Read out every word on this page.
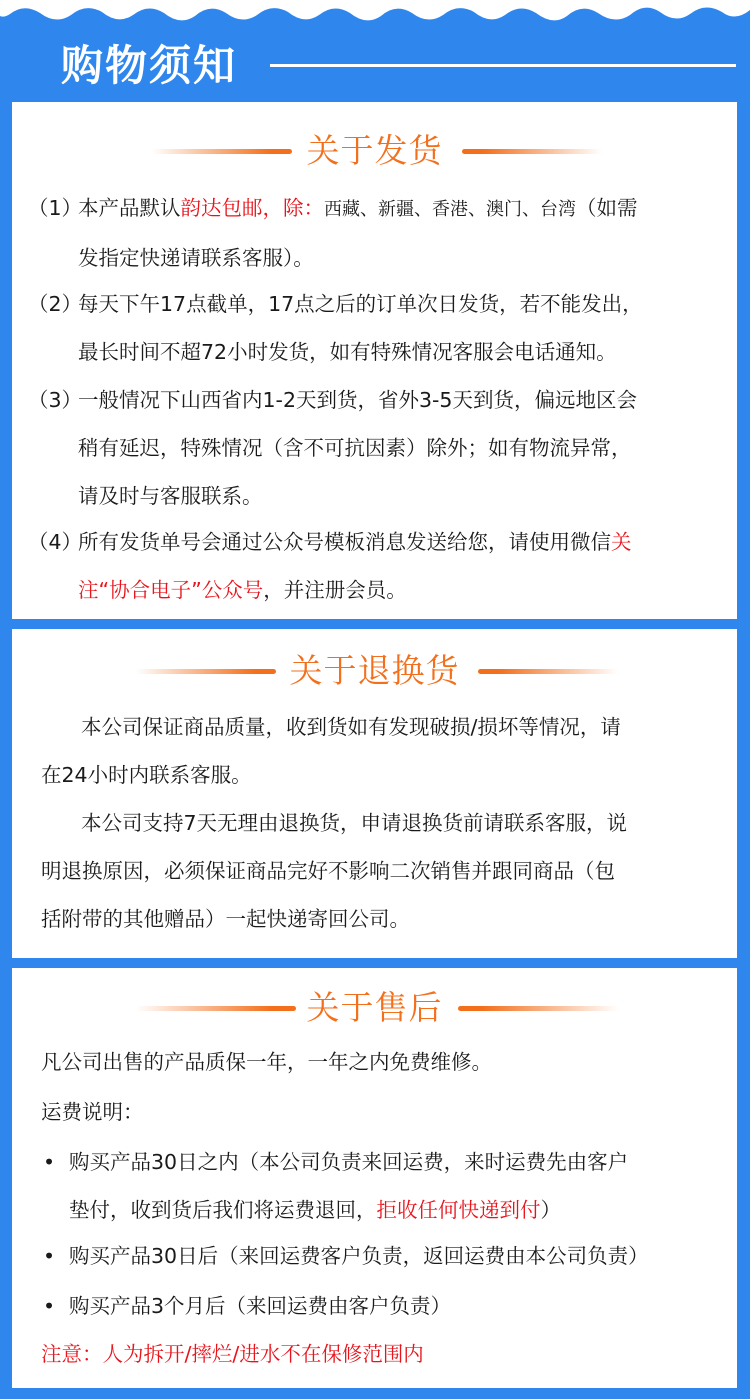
购物须知
关于发货
（1）
本产品默认韵达包邮，除：西藏、新疆、香港、澳门、台湾（如需
发指定快递请联系客服）。
（2）
每天下午17点截单，17点之后的订单次日发货，若不能发出，
最长时间不超72小时发货，如有特殊情况客服会电话通知。
（3）
一般情况下山西省内1-2天到货，省外3-5天到货，偏远地区会
稍有延迟，特殊情况（含不可抗因素）除外；如有物流异常，
请及时与客服联系。
（4）
所有发货单号会通过公众号模板消息发送给您，请使用微信关
注“协合电子”公众号，并注册会员。
关于退换货
本公司保证商品质量，收到货如有发现破损/损坏等情况，请
在24小时内联系客服。
本公司支持7天无理由退换货，申请退换货前请联系客服，说
明退换原因，必须保证商品完好不影响二次销售并跟同商品（包
括附带的其他赠品）一起快递寄回公司。
关于售后
凡公司出售的产品质保一年，一年之内免费维修。
运费说明：
• 购买产品30日之内（本公司负责来回运费，来时运费先由客户
垫付，收到货后我们将运费退回，拒收任何快递到付）
• 购买产品30日后（来回运费客户负责，返回运费由本公司负责）
• 购买产品3个月后（来回运费由客户负责）
注意：人为拆开/摔烂/进水不在保修范围内
